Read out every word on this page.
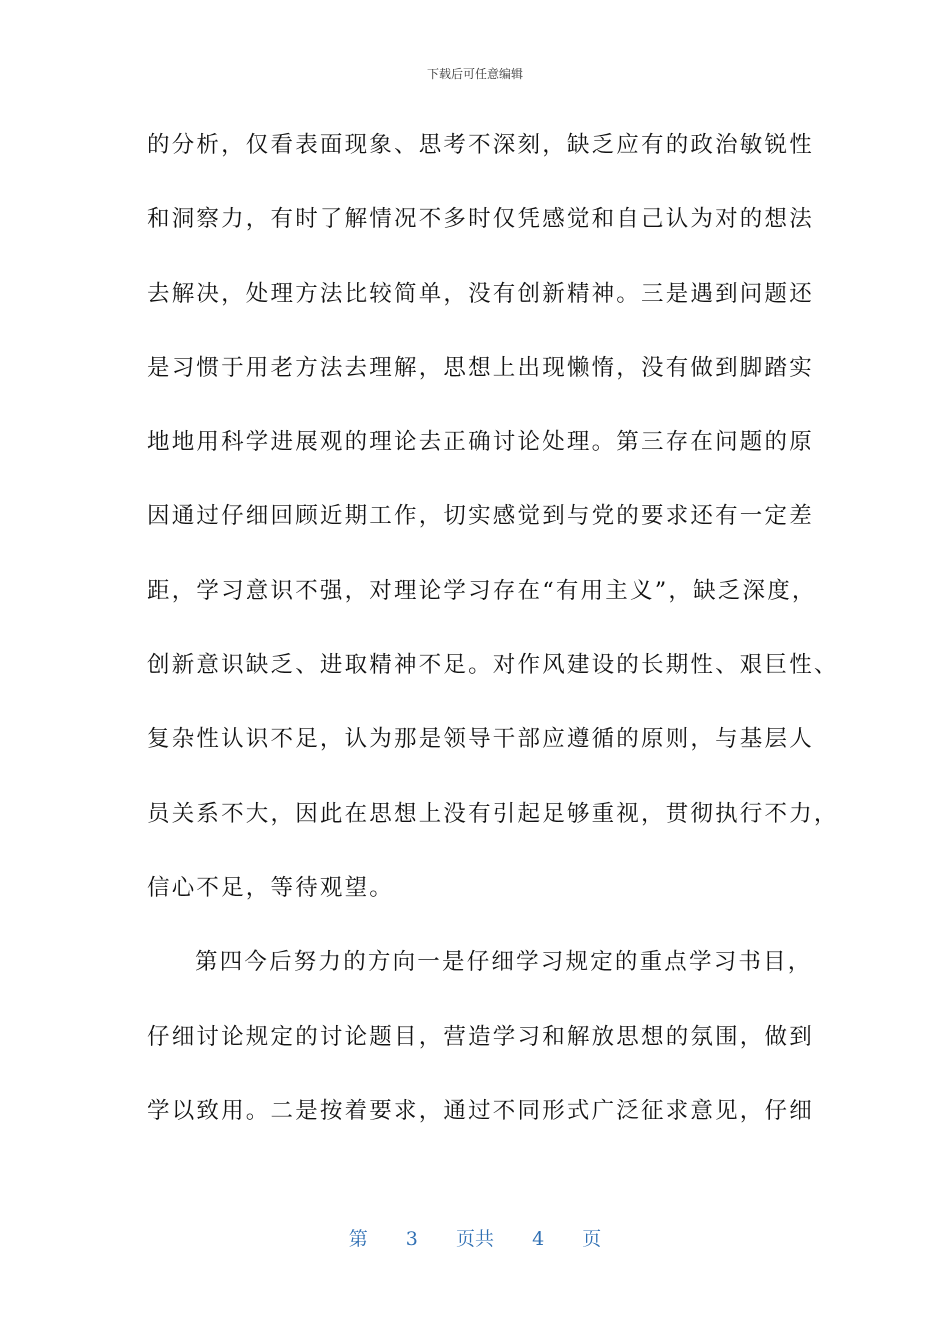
下载后可任意编辑
的分析，仅看表面现象、思考不深刻，缺乏应有的政治敏锐性
和洞察力，有时了解情况不多时仅凭感觉和自己认为对的想法
去解决，处理方法比较简单，没有创新精神。三是遇到问题还
是习惯于用老方法去理解，思想上出现懒惰，没有做到脚踏实
地地用科学进展观的理论去正确讨论处理。第三存在问题的原
因通过仔细回顾近期工作，切实感觉到与党的要求还有一定差
距，学习意识不强，对理论学习存在“有用主义”，缺乏深度，
创新意识缺乏、进取精神不足。对作风建设的长期性、艰巨性、
复杂性认识不足，认为那是领导干部应遵循的原则，与基层人
员关系不大，因此在思想上没有引起足够重视，贯彻执行不力，
信心不足，等待观望。
第四今后努力的方向一是仔细学习规定的重点学习书目，
仔细讨论规定的讨论题目，营造学习和解放思想的氛围，做到
学以致用。二是按着要求，通过不同形式广泛征求意见，仔细
第 3 页共 4 页
